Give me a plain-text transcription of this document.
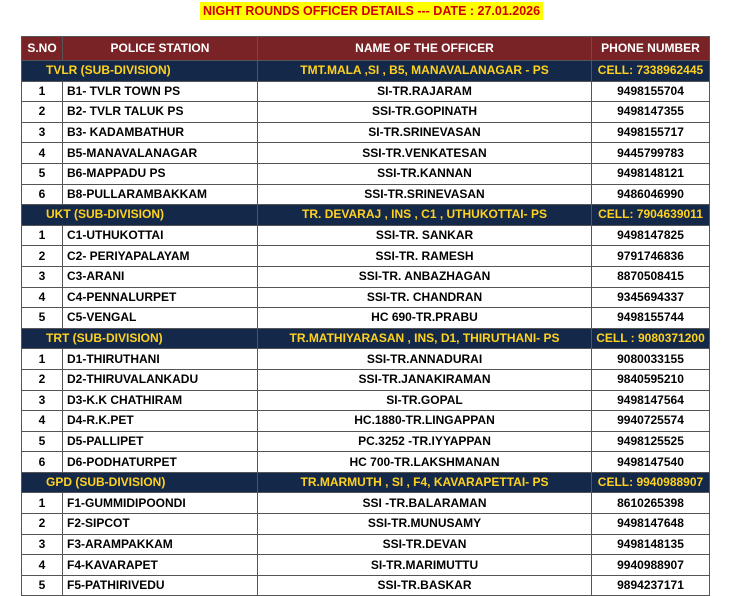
NIGHT ROUNDS OFFICER DETAILS --- DATE : 27.01.2026
S.NO	POLICE STATION	NAME OF THE OFFICER	PHONE NUMBER
TVLR (SUB-DIVISION)		TMT.MALA ,SI , B5, MANAVALANAGAR - PS	CELL: 7338962445
1	B1- TVLR TOWN PS	SI-TR.RAJARAM	9498155704
2	B2- TVLR TALUK PS	SSI-TR.GOPINATH	9498147355
3	B3- KADAMBATHUR	SI-TR.SRINEVASAN	9498155717
4	B5-MANAVALANAGAR	SSI-TR.VENKATESAN	9445799783
5	B6-MAPPADU PS	SSI-TR.KANNAN	9498148121
6	B8-PULLARAMBAKKAM	SSI-TR.SRINEVASAN	9486046990
UKT (SUB-DIVISION)		TR. DEVARAJ , INS , C1 , UTHUKOTTAI- PS	CELL: 7904639011
1	C1-UTHUKOTTAI	SSI-TR. SANKAR	9498147825
2	C2- PERIYAPALAYAM	SSI-TR. RAMESH	9791746836
3	C3-ARANI	SSI-TR. ANBAZHAGAN	8870508415
4	C4-PENNALURPET	SSI-TR. CHANDRAN	9345694337
5	C5-VENGAL	HC 690-TR.PRABU	9498155744
TRT (SUB-DIVISION)		TR.MATHIYARASAN , INS, D1, THIRUTHANI- PS	CELL : 9080371200
1	D1-THIRUTHANI	SSI-TR.ANNADURAI	9080033155
2	D2-THIRUVALANKADU	SSI-TR.JANAKIRAMAN	9840595210
3	D3-K.K CHATHIRAM	SI-TR.GOPAL	9498147564
4	D4-R.K.PET	HC.1880-TR.LINGAPPAN	9940725574
5	D5-PALLIPET	PC.3252 -TR.IYYAPPAN	9498125525
6	D6-PODHATURPET	HC 700-TR.LAKSHMANAN	9498147540
GPD (SUB-DIVISION)		TR.MARMUTH , SI , F4, KAVARAPETTAI- PS	CELL: 9940988907
1	F1-GUMMIDIPOONDI	SSI -TR.BALARAMAN	8610265398
2	F2-SIPCOT	SSI-TR.MUNUSAMY	9498147648
3	F3-ARAMPAKKAM	SSI-TR.DEVAN	9498148135
4	F4-KAVARAPET	SI-TR.MARIMUTTU	9940988907
5	F5-PATHIRIVEDU	SSI-TR.BASKAR	9894237171
